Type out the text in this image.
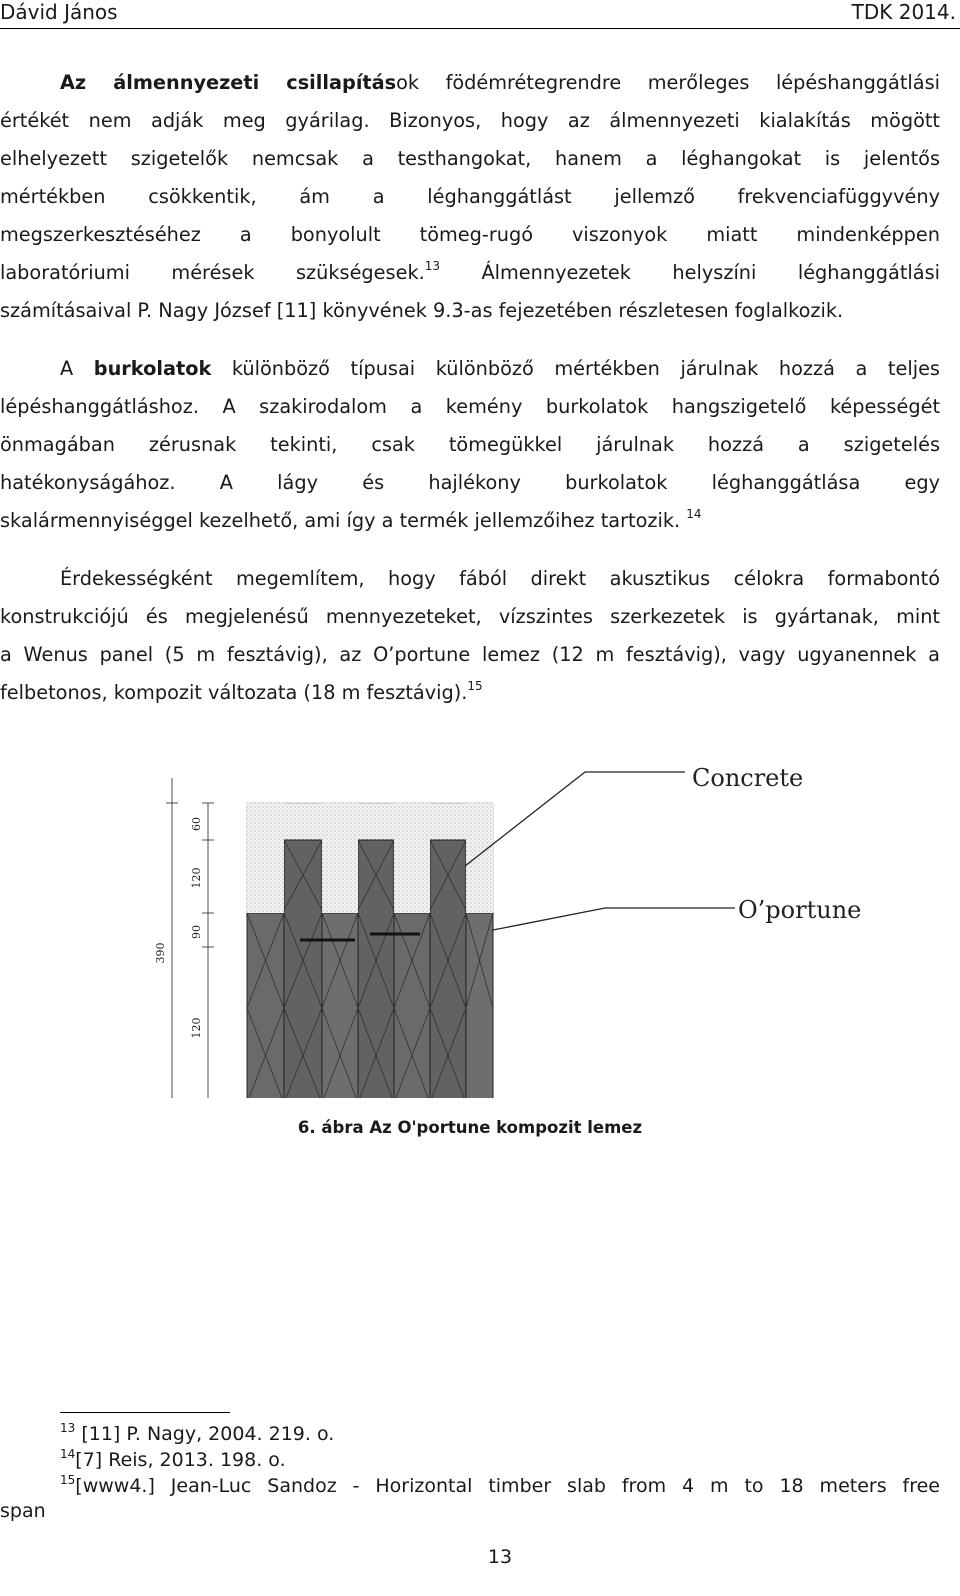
Dávid János	TDK 2014.
Az álmennyezeti csillapítások födémrétegrendre merőleges lépéshanggátlási
értékét nem adják meg gyárilag. Bizonyos, hogy az álmennyezeti kialakítás mögött
elhelyezett szigetelők nemcsak a testhangokat, hanem a léghangokat is jelentős
mértékben csökkentik, ám a léghanggátlást jellemző frekvenciafüggyvény
megszerkesztéséhez a bonyolult tömeg-rugó viszonyok miatt mindenképpen
laboratóriumi mérések szükségesek.$^{13}$ Álmennyezetek helyszíni léghanggátlási
számításaival P. Nagy József [11] könyvének 9.3-as fejezetében részletesen foglalkozik.
A burkolatok különböző típusai különböző mértékben járulnak hozzá a teljes
lépéshanggátláshoz. A szakirodalom a kemény burkolatok hangszigetelő képességét
önmagában zérusnak tekinti, csak tömegükkel járulnak hozzá a szigetelés
hatékonyságához. A lágy és hajlékony burkolatok léghanggátlása egy
skalármennyiséggel kezelhető, ami így a termék jellemzőihez tartozik. $^{14}$
Érdekességként megemlítem, hogy fából direkt akusztikus célokra formabontó
konstrukciójú és megjelenésű mennyezeteket, vízszintes szerkezetek is gyártanak, mint
a Wenus panel (5 m fesztávig), az O’portune lemez (12 m fesztávig), vagy ugyanennek a
felbetonos, kompozit változata (18 m fesztávig).$^{15}$
390
60
120
90
120
Concrete
O’portune
6. ábra Az O'portune kompozit lemez
$^{13}$ [11] P. Nagy, 2004. 219. o.
$^{14}$[7] Reis, 2013. 198. o.
$^{15}$[www4.] Jean-Luc Sandoz - Horizontal timber slab from 4 m to 18 meters free
span
13
